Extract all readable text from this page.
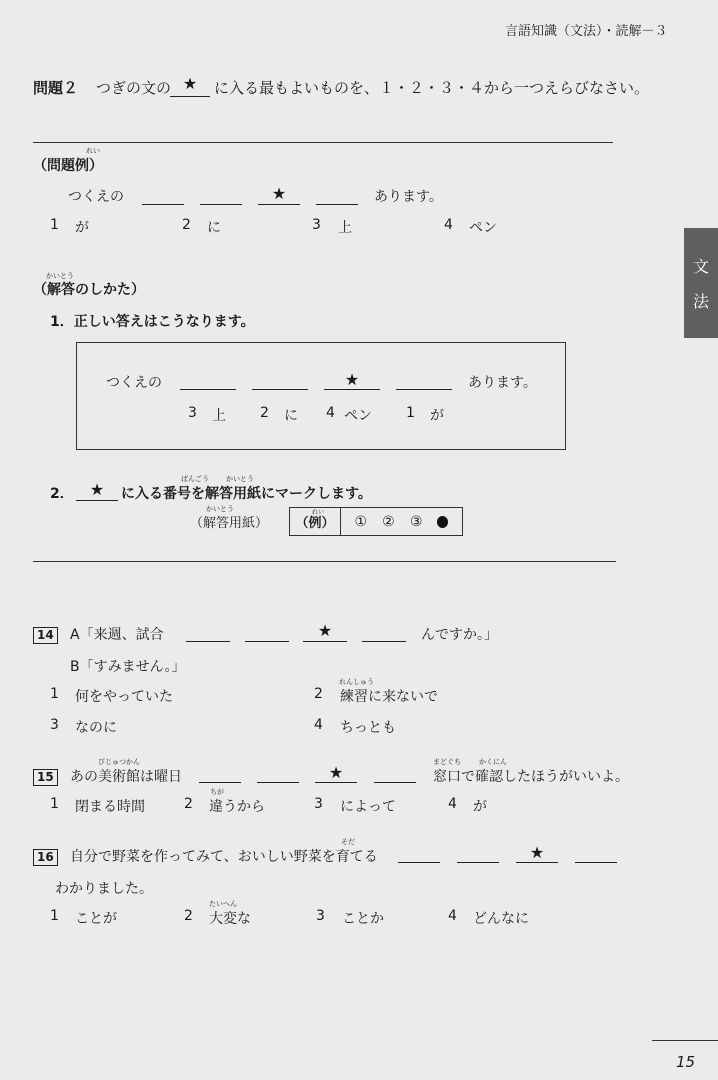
言語知識（文法）・読解－３
文
法
問題２ つぎの文の ★	に入る最もよいものを、１・２・３・４から一つえらびなさい。
（問題例）
れい
つくえの	★	あります。
1 が	2 に	3 上	4 ペン
かいとう
（解答のしかた）
1．正しい答えはこうなります。
つくえの	★	あります。
3 上 2 に 4 ペン 1 が
2．	★	に入る番号を解答用紙にマークします。
ばんごう かいとう
（解答用紙）
かいとう
（例）
れい
① ② ③
14 A「来週、試合	★	んですか。」
B「すみません。」
1 何をやっていた	2 練習に来ないで
れんしゅう
3 なのに	4 ちっとも
15 あの美術館は曜日
びじゅつかん
★	窓口で確認したほうがいいよ。
まどぐち	かくにん
1 閉まる時間	2 違うから
ちが
3 によって	4 が
16 自分で野菜を作ってみて、おいしい野菜を育てる
そだ
★
わかりました。
1 ことが	2 大変な
たいへん
3 ことか	4 どんなに
15
